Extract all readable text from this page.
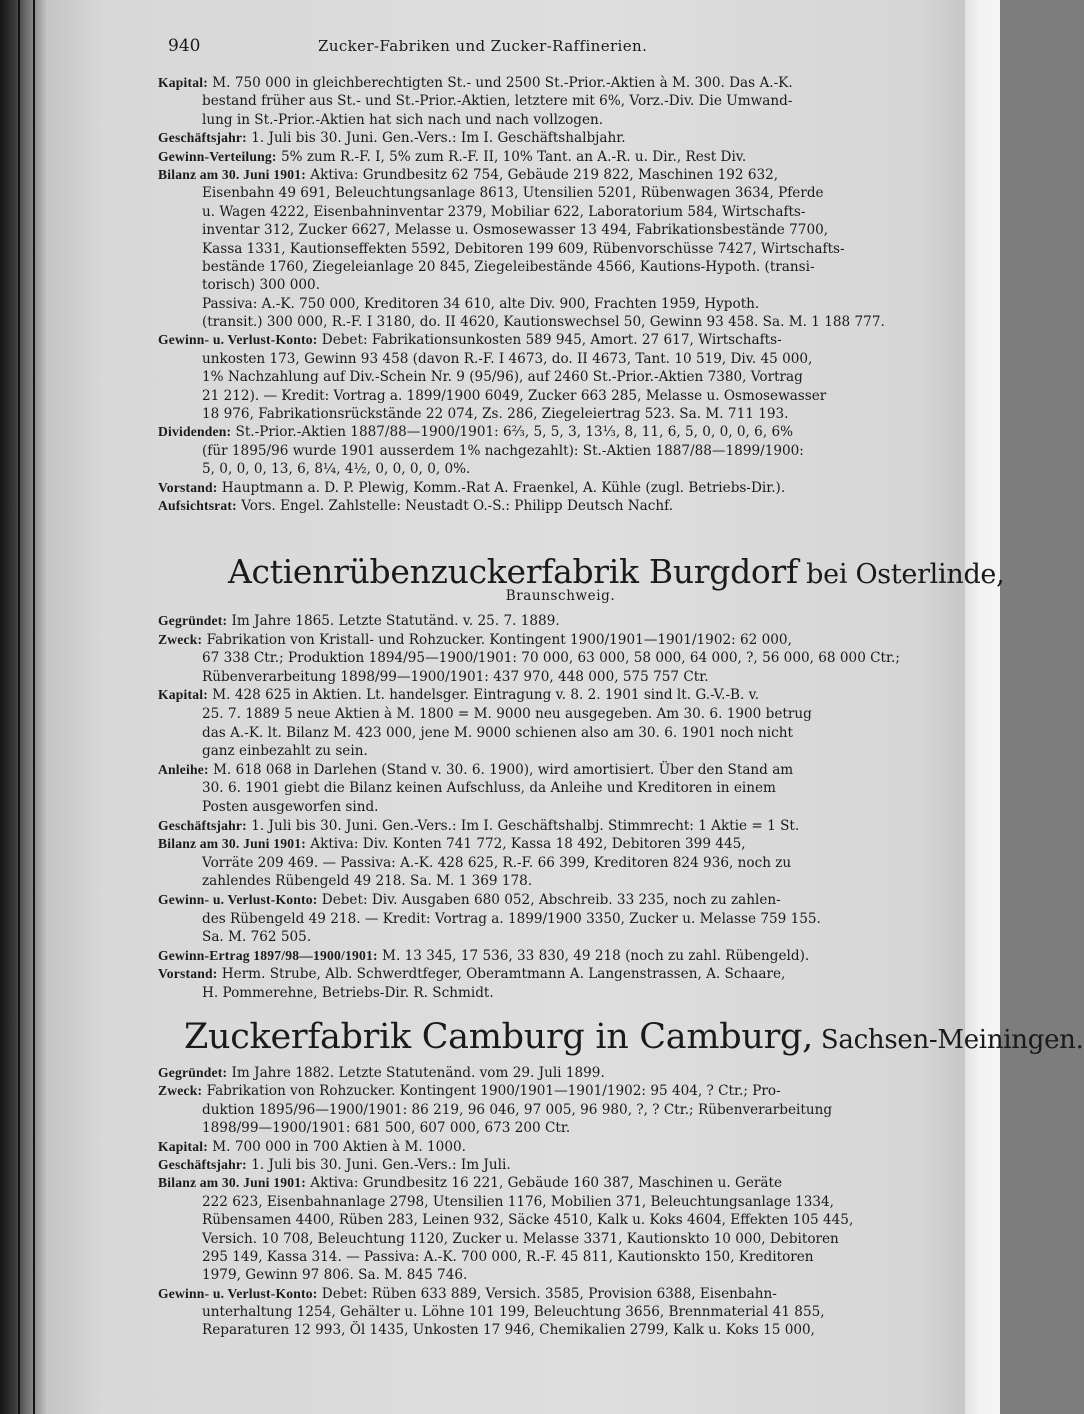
940	Zucker-Fabriken und Zucker-Raffinerien.
Kapital: M. 750 000 in gleichberechtigten St.- und 2500 St.-Prior.-Aktien à M. 300. Das A.-K.
bestand früher aus St.- und St.-Prior.-Aktien, letztere mit 6%, Vorz.-Div. Die Umwand-
lung in St.-Prior.-Aktien hat sich nach und nach vollzogen.
Geschäftsjahr: 1. Juli bis 30. Juni. Gen.-Vers.: Im I. Geschäftshalbjahr.
Gewinn-Verteilung: 5% zum R.-F. I, 5% zum R.-F. II, 10% Tant. an A.-R. u. Dir., Rest Div.
Bilanz am 30. Juni 1901: Aktiva: Grundbesitz 62 754, Gebäude 219 822, Maschinen 192 632,
Eisenbahn 49 691, Beleuchtungsanlage 8613, Utensilien 5201, Rübenwagen 3634, Pferde
u. Wagen 4222, Eisenbahninventar 2379, Mobiliar 622, Laboratorium 584, Wirtschafts-
inventar 312, Zucker 6627, Melasse u. Osmosewasser 13 494, Fabrikationsbestände 7700,
Kassa 1331, Kautionseffekten 5592, Debitoren 199 609, Rübenvorschüsse 7427, Wirtschafts-
bestände 1760, Ziegeleianlage 20 845, Ziegeleibestände 4566, Kautions-Hypoth. (transi-
torisch) 300 000.
Passiva: A.-K. 750 000, Kreditoren 34 610, alte Div. 900, Frachten 1959, Hypoth.
(transit.) 300 000, R.-F. I 3180, do. II 4620, Kautionswechsel 50, Gewinn 93 458. Sa. M. 1 188 777.
Gewinn- u. Verlust-Konto: Debet: Fabrikationsunkosten 589 945, Amort. 27 617, Wirtschafts-
unkosten 173, Gewinn 93 458 (davon R.-F. I 4673, do. II 4673, Tant. 10 519, Div. 45 000,
1% Nachzahlung auf Div.-Schein Nr. 9 (95/96), auf 2460 St.-Prior.-Aktien 7380, Vortrag
21 212). — Kredit: Vortrag a. 1899/1900 6049, Zucker 663 285, Melasse u. Osmosewasser
18 976, Fabrikationsrückstände 22 074, Zs. 286, Ziegeleiertrag 523. Sa. M. 711 193.
Dividenden: St.-Prior.-Aktien 1887/88—1900/1901: 6⅔, 5, 5, 3, 13⅓, 8, 11, 6, 5, 0, 0, 0, 6, 6%
(für 1895/96 wurde 1901 ausserdem 1% nachgezahlt): St.-Aktien 1887/88—1899/1900:
5, 0, 0, 0, 13, 6, 8¼, 4½, 0, 0, 0, 0, 0%.
Vorstand: Hauptmann a. D. P. Plewig, Komm.-Rat A. Fraenkel, A. Kühle (zugl. Betriebs-Dir.).
Aufsichtsrat: Vors. Engel. Zahlstelle: Neustadt O.-S.: Philipp Deutsch Nachf.
Actienrübenzuckerfabrik Burgdorf bei Osterlinde,
Braunschweig.
Gegründet: Im Jahre 1865. Letzte Statutänd. v. 25. 7. 1889.
Zweck: Fabrikation von Kristall- und Rohzucker. Kontingent 1900/1901—1901/1902: 62 000,
67 338 Ctr.; Produktion 1894/95—1900/1901: 70 000, 63 000, 58 000, 64 000, ?, 56 000, 68 000 Ctr.;
Rübenverarbeitung 1898/99—1900/1901: 437 970, 448 000, 575 757 Ctr.
Kapital: M. 428 625 in Aktien. Lt. handelsger. Eintragung v. 8. 2. 1901 sind lt. G.-V.-B. v.
25. 7. 1889 5 neue Aktien à M. 1800 = M. 9000 neu ausgegeben. Am 30. 6. 1900 betrug
das A.-K. lt. Bilanz M. 423 000, jene M. 9000 schienen also am 30. 6. 1901 noch nicht
ganz einbezahlt zu sein.
Anleihe: M. 618 068 in Darlehen (Stand v. 30. 6. 1900), wird amortisiert. Über den Stand am
30. 6. 1901 giebt die Bilanz keinen Aufschluss, da Anleihe und Kreditoren in einem
Posten ausgeworfen sind.
Geschäftsjahr: 1. Juli bis 30. Juni. Gen.-Vers.: Im I. Geschäftshalbj. Stimmrecht: 1 Aktie = 1 St.
Bilanz am 30. Juni 1901: Aktiva: Div. Konten 741 772, Kassa 18 492, Debitoren 399 445,
Vorräte 209 469. — Passiva: A.-K. 428 625, R.-F. 66 399, Kreditoren 824 936, noch zu
zahlendes Rübengeld 49 218. Sa. M. 1 369 178.
Gewinn- u. Verlust-Konto: Debet: Div. Ausgaben 680 052, Abschreib. 33 235, noch zu zahlen-
des Rübengeld 49 218. — Kredit: Vortrag a. 1899/1900 3350, Zucker u. Melasse 759 155.
Sa. M. 762 505.
Gewinn-Ertrag 1897/98—1900/1901: M. 13 345, 17 536, 33 830, 49 218 (noch zu zahl. Rübengeld).
Vorstand: Herm. Strube, Alb. Schwerdtfeger, Oberamtmann A. Langenstrassen, A. Schaare,
H. Pommerehne, Betriebs-Dir. R. Schmidt.
Zuckerfabrik Camburg in Camburg, Sachsen-Meiningen.
Gegründet: Im Jahre 1882. Letzte Statutenänd. vom 29. Juli 1899.
Zweck: Fabrikation von Rohzucker. Kontingent 1900/1901—1901/1902: 95 404, ? Ctr.; Pro-
duktion 1895/96—1900/1901: 86 219, 96 046, 97 005, 96 980, ?, ? Ctr.; Rübenverarbeitung
1898/99—1900/1901: 681 500, 607 000, 673 200 Ctr.
Kapital: M. 700 000 in 700 Aktien à M. 1000.
Geschäftsjahr: 1. Juli bis 30. Juni. Gen.-Vers.: Im Juli.
Bilanz am 30. Juni 1901: Aktiva: Grundbesitz 16 221, Gebäude 160 387, Maschinen u. Geräte
222 623, Eisenbahnanlage 2798, Utensilien 1176, Mobilien 371, Beleuchtungsanlage 1334,
Rübensamen 4400, Rüben 283, Leinen 932, Säcke 4510, Kalk u. Koks 4604, Effekten 105 445,
Versich. 10 708, Beleuchtung 1120, Zucker u. Melasse 3371, Kautionskto 10 000, Debitoren
295 149, Kassa 314. — Passiva: A.-K. 700 000, R.-F. 45 811, Kautionskto 150, Kreditoren
1979, Gewinn 97 806. Sa. M. 845 746.
Gewinn- u. Verlust-Konto: Debet: Rüben 633 889, Versich. 3585, Provision 6388, Eisenbahn-
unterhaltung 1254, Gehälter u. Löhne 101 199, Beleuchtung 3656, Brennmaterial 41 855,
Reparaturen 12 993, Öl 1435, Unkosten 17 946, Chemikalien 2799, Kalk u. Koks 15 000,
